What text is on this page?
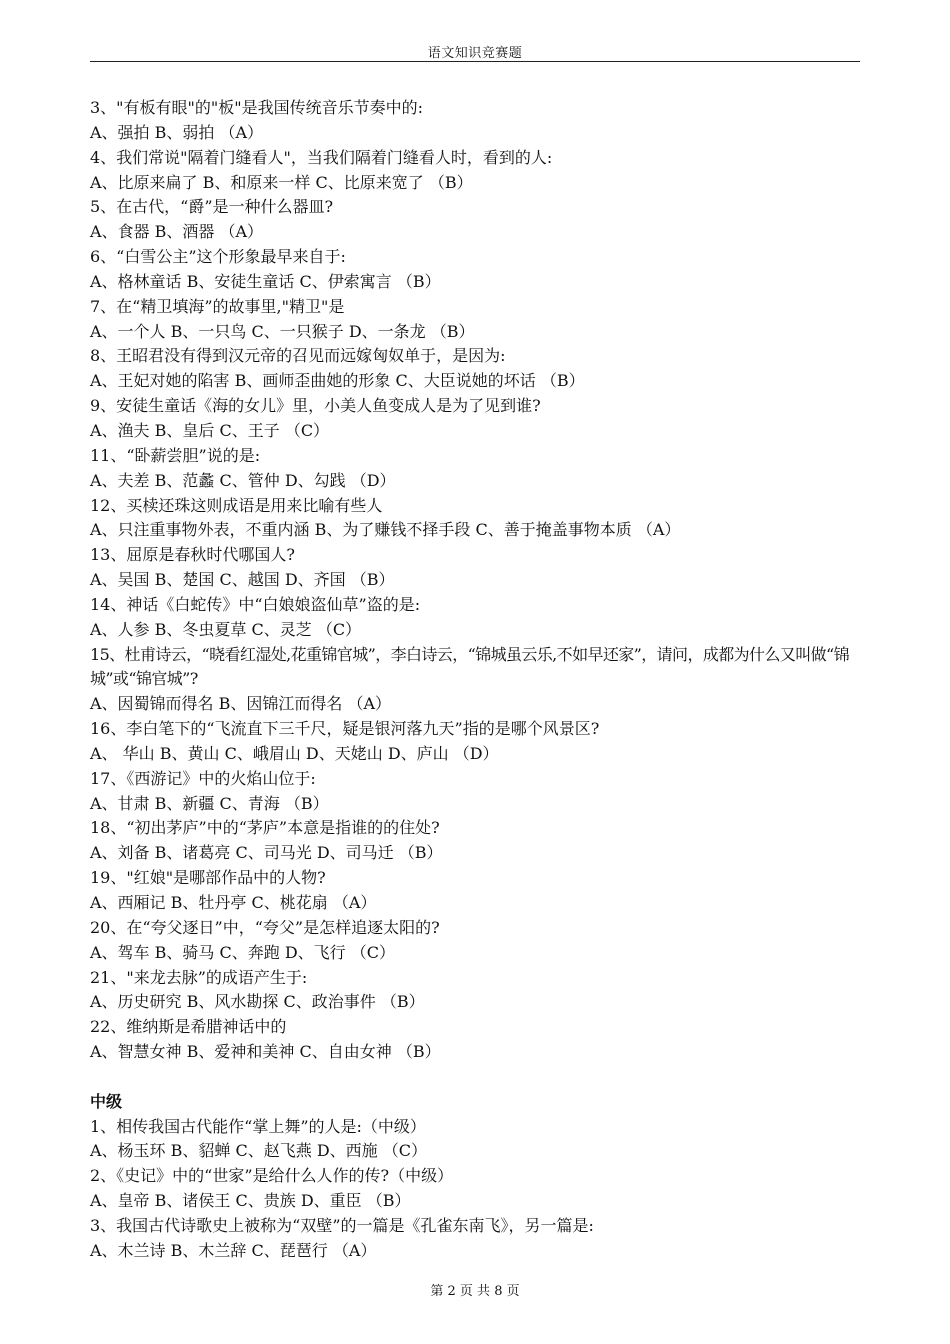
语文知识竞赛题
3、"有板有眼"的"板"是我国传统音乐节奏中的:
A、强拍 B、弱拍 （A）
4、我们常说"隔着门缝看人"，当我们隔着门缝看人时，看到的人:
A、比原来扁了 B、和原来一样 C、比原来宽了 （B）
5、在古代，“爵”是一种什么器皿?
A、食器 B、酒器 （A）
6、“白雪公主”这个形象最早来自于:
A、格林童话 B、安徒生童话 C、伊索寓言 （B）
7、在“精卫填海”的故事里,"精卫"是
A、一个人 B、一只鸟 C、一只猴子 D、一条龙 （B）
8、王昭君没有得到汉元帝的召见而远嫁匈奴单于，是因为:
A、王妃对她的陷害 B、画师歪曲她的形象 C、大臣说她的坏话 （B）
9、安徒生童话《海的女儿》里，小美人鱼变成人是为了见到谁?
A、渔夫 B、皇后 C、王子 （C）
11、“卧薪尝胆”说的是:
A、夫差 B、范蠡 C、管仲 D、勾践 （D）
12、买椟还珠这则成语是用来比喻有些人
A、只注重事物外表，不重内涵 B、为了赚钱不择手段 C、善于掩盖事物本质 （A）
13、屈原是春秋时代哪国人?
A、吴国 B、楚国 C、越国 D、齐国 （B）
14、神话《白蛇传》中“白娘娘盗仙草”盗的是:
A、人参 B、冬虫夏草 C、灵芝 （C）
15、杜甫诗云，“晓看红湿处,花重锦官城”，李白诗云，“锦城虽云乐,不如早还家”，请问，成都为什么又叫做“锦城”或“锦官城”?
A、因蜀锦而得名 B、因锦江而得名 （A）
16、李白笔下的“飞流直下三千尺，疑是银河落九天”指的是哪个风景区?
A、 华山 B、黄山 C、峨眉山 D、天姥山 D、庐山 （D）
17、《西游记》中的火焰山位于:
A、甘肃 B、新疆 C、青海 （B）
18、“初出茅庐”中的“茅庐”本意是指谁的的住处?
A、刘备 B、诸葛亮 C、司马光 D、司马迁 （B）
19、"红娘"是哪部作品中的人物?
A、西厢记 B、牡丹亭 C、桃花扇 （A）
20、在“夸父逐日”中，“夸父”是怎样追逐太阳的?
A、驾车 B、骑马 C、奔跑 D、飞行 （C）
21、"来龙去脉”的成语产生于:
A、历史研究 B、风水勘探 C、政治事件 （B）
22、维纳斯是希腊神话中的
A、智慧女神 B、爱神和美神 C、自由女神 （B）
中级
1、相传我国古代能作“掌上舞”的人是:（中级）
A、杨玉环 B、貂蝉 C、赵飞燕 D、西施 （C）
2、《史记》中的“世家”是给什么人作的传?（中级）
A、皇帝 B、诸侯王 C、贵族 D、重臣 （B）
3、我国古代诗歌史上被称为“双壁”的一篇是《孔雀东南飞》，另一篇是:
A、木兰诗 B、木兰辞 C、琵琶行 （A）
第 2 页 共 8 页
